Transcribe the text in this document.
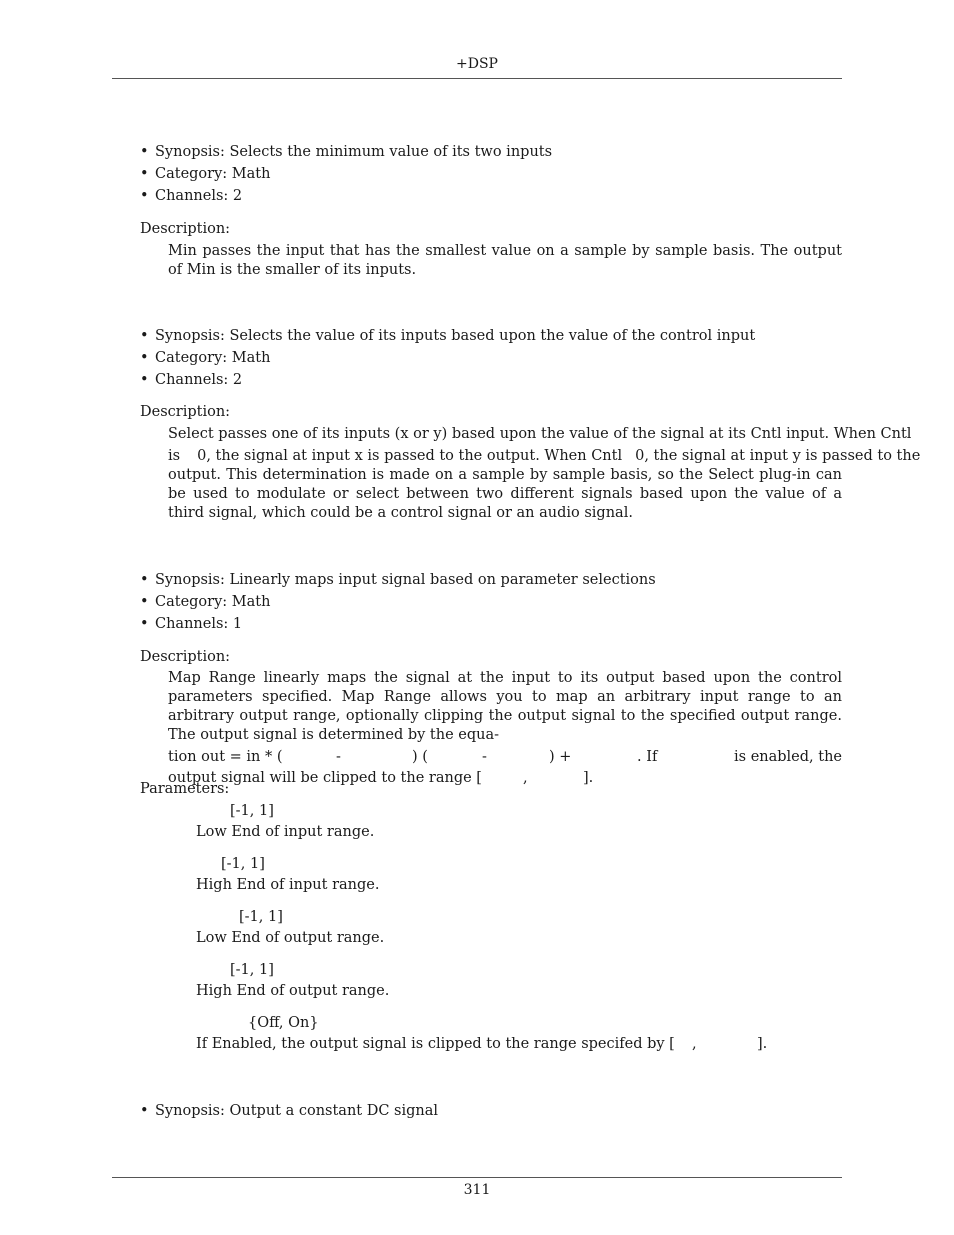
+DSP
• Synopsis: Selects the minimum value of its two inputs
• Category: Math
• Channels: 2
Description:

Min passes the input that has the smallest value on a sample by sample basis. The output of Min is the smaller of its inputs.

• Synopsis: Selects the value of its inputs based upon the value of the control input
• Category: Math
• Channels: 2
Description:
Select passes one of its inputs (x or y) based upon the value of the signal at its Cntl input. When Cntl
is 0, the signal at input x is passed to the output. When Cntl 0, the signal at input y is passed to the
output. This determination is made on a sample by sample basis, so the Select plug-in can be used to modulate or select between two different signals based upon the value of a third signal, which could be a control signal or an audio signal.
• Synopsis: Linearly maps input signal based on parameter selections
• Category: Math
• Channels: 1
Description:
Map Range linearly maps the signal at the input to its output based upon the control parameters specified. Map Range allows you to map an arbitrary input range to an arbitrary output range, optionally clipping the output signal to the specified output range. The output signal is determined by the equa-
tion out = in * (	-	) (	-	) +	. If	is enabled, the
output signal will be clipped to the range [	,	].
Parameters:
[-1, 1]
Low End of input range.
[-1, 1]
High End of input range.
[-1, 1]
Low End of output range.
[-1, 1]
High End of output range.
{Off, On}
If Enabled, the output signal is clipped to the range specifed by [ ,	].
• Synopsis: Output a constant DC signal
311
